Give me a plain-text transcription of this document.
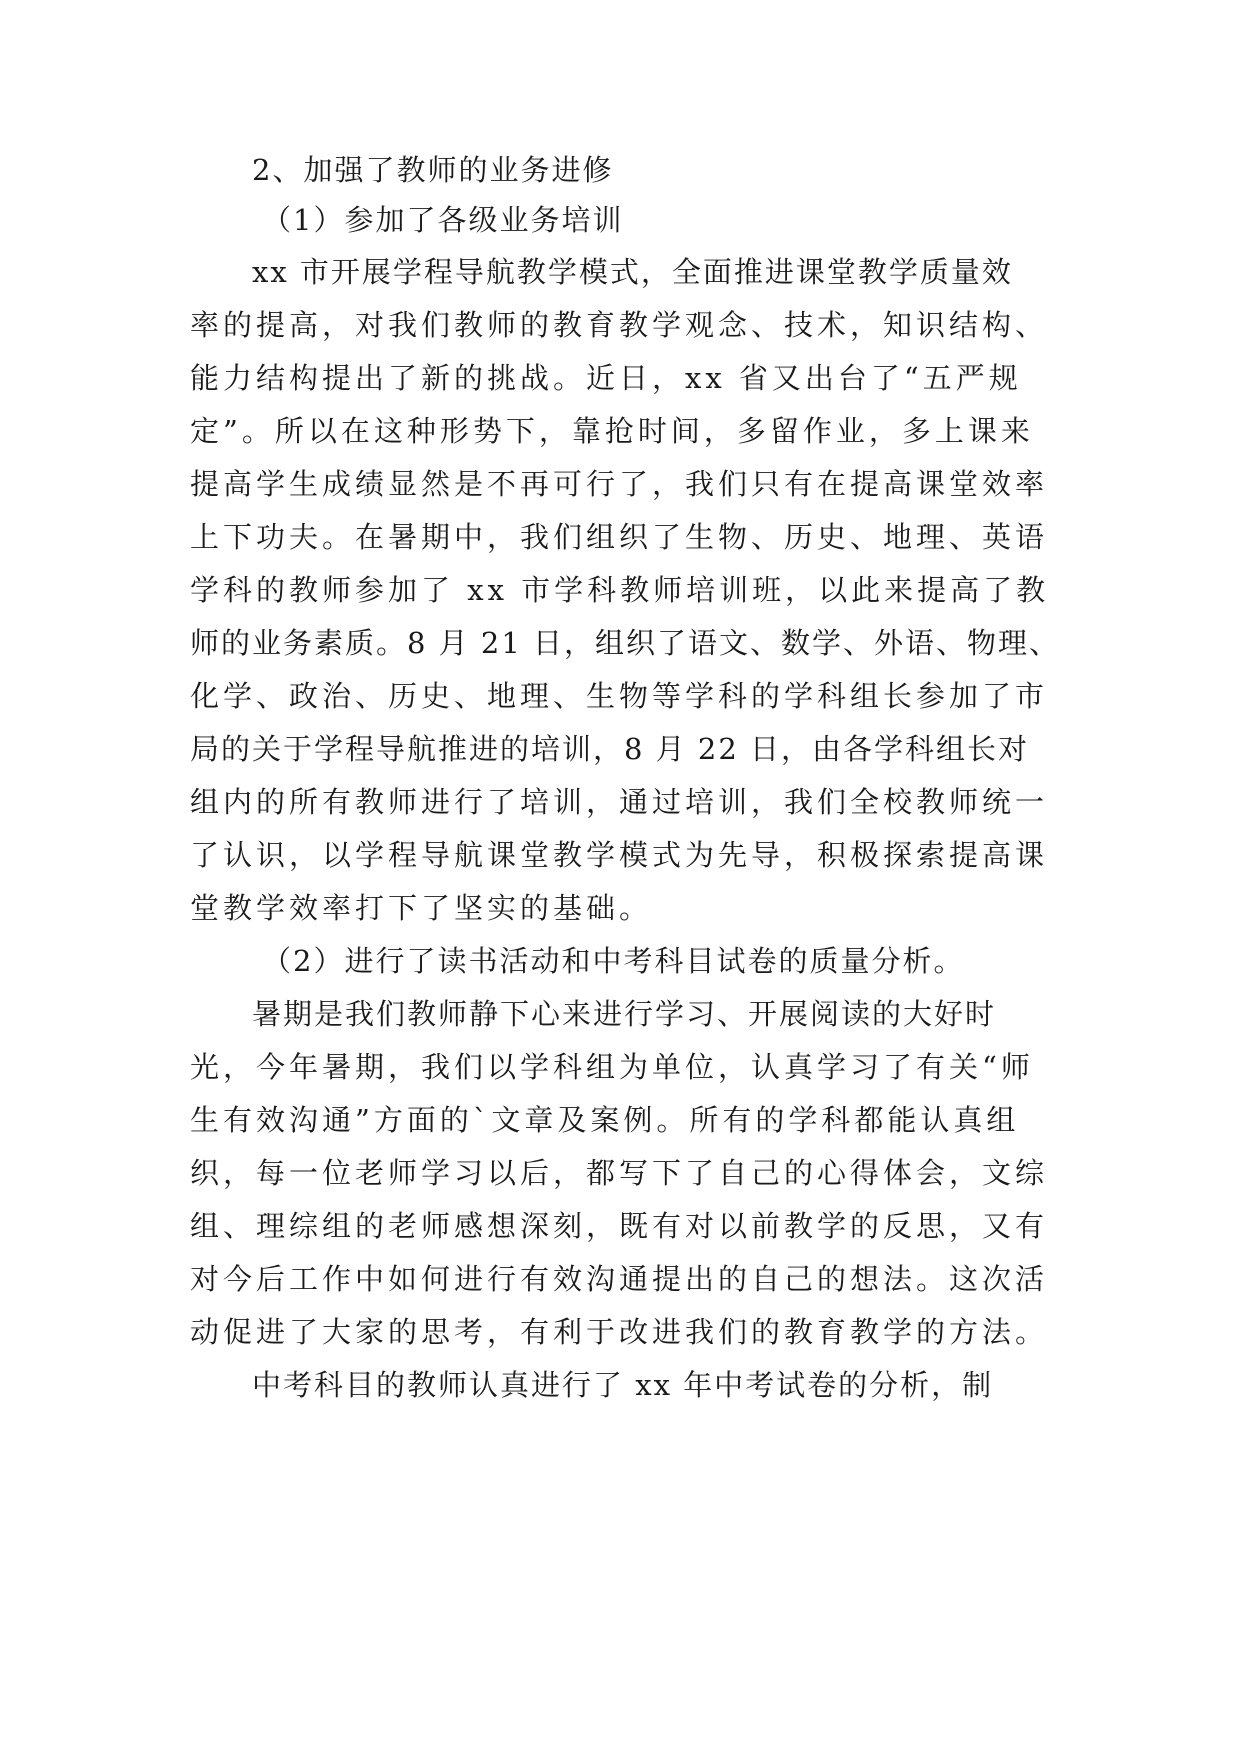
2、加强了教师的业务进修
（1）参加了各级业务培训
xx 市开展学程导航教学模式，全面推进课堂教学质量效
率的提高，对我们教师的教育教学观念、技术，知识结构、
能力结构提出了新的挑战。近日，xx 省又出台了“五严规
定”。所以在这种形势下，靠抢时间，多留作业，多上课来
提高学生成绩显然是不再可行了，我们只有在提高课堂效率
上下功夫。在暑期中，我们组织了生物、历史、地理、英语
学科的教师参加了 xx 市学科教师培训班，以此来提高了教
师的业务素质。8 月 21 日，组织了语文、数学、外语、物理、
化学、政治、历史、地理、生物等学科的学科组长参加了市
局的关于学程导航推进的培训，8 月 22 日，由各学科组长对
组内的所有教师进行了培训，通过培训，我们全校教师统一
了认识，以学程导航课堂教学模式为先导，积极探索提高课
堂教学效率打下了坚实的基础。
（2）进行了读书活动和中考科目试卷的质量分析。
暑期是我们教师静下心来进行学习、开展阅读的大好时
光，今年暑期，我们以学科组为单位，认真学习了有关“师
生有效沟通”方面的`文章及案例。所有的学科都能认真组
织，每一位老师学习以后，都写下了自己的心得体会，文综
组、理综组的老师感想深刻，既有对以前教学的反思，又有
对今后工作中如何进行有效沟通提出的自己的想法。这次活
动促进了大家的思考，有利于改进我们的教育教学的方法。
中考科目的教师认真进行了 xx 年中考试卷的分析，制
